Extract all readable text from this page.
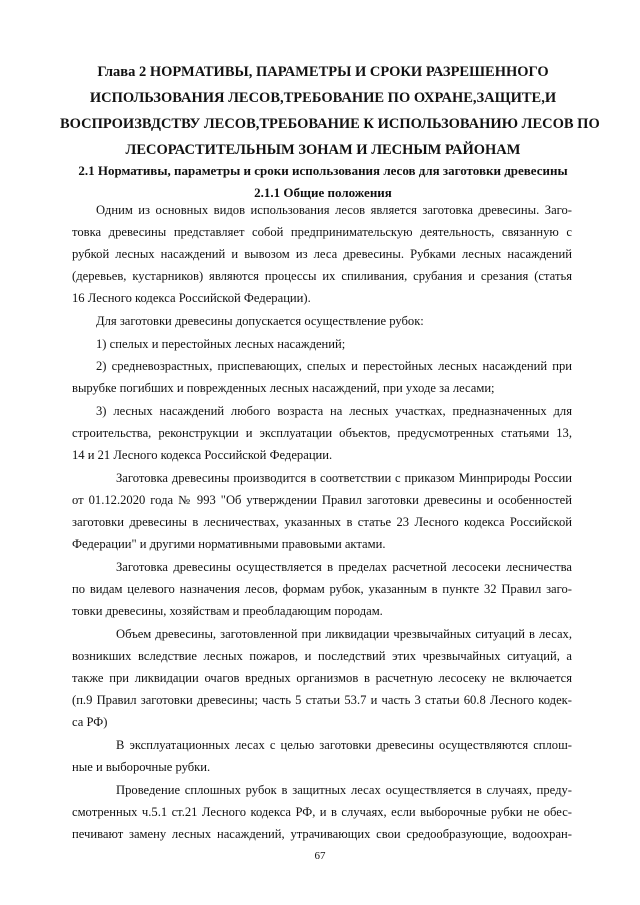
Глава 2 НОРМАТИВЫ, ПАРАМЕТРЫ И СРОКИ РАЗРЕШЕННОГО
ИСПОЛЬЗОВАНИЯ ЛЕСОВ,ТРЕБОВАНИЕ ПО ОХРАНЕ,ЗАЩИТЕ,И
ВОСПРОИЗВДСТВУ ЛЕСОВ,ТРЕБОВАНИЕ К ИСПОЛЬЗОВАНИЮ ЛЕСОВ ПО
ЛЕСОРАСТИТЕЛЬНЫМ ЗОНАМ И ЛЕСНЫМ РАЙОНАМ
2.1 Нормативы, параметры и сроки использования лесов для заготовки древесины
2.1.1 Общие положения
Одним из основных видов использования лесов является заготовка древесины. Заго-
товка древесины представляет собой предпринимательскую деятельность, связанную с
рубкой лесных насаждений и вывозом из леса древесины. Рубками лесных насаждений
(деревьев, кустарников) являются процессы их спиливания, срубания и срезания (статья
16 Лесного кодекса Российской Федерации).
Для заготовки древесины допускается осуществление рубок:
1) спелых и перестойных лесных насаждений;
2) средневозрастных, приспевающих, спелых и перестойных лесных насаждений при
вырубке погибших и поврежденных лесных насаждений, при уходе за лесами;
3) лесных насаждений любого возраста на лесных участках, предназначенных для
строительства, реконструкции и эксплуатации объектов, предусмотренных статьями 13,
14 и 21 Лесного кодекса Российской Федерации.
Заготовка древесины производится в соответствии с приказом Минприроды России
от 01.12.2020 года № 993 "Об утверждении Правил заготовки древесины и особенностей
заготовки древесины в лесничествах, указанных в статье 23 Лесного кодекса Российской
Федерации" и другими нормативными правовыми актами.
Заготовка древесины осуществляется в пределах расчетной лесосеки лесничества
по видам целевого назначения лесов, формам рубок, указанным в пункте 32 Правил заго-
товки древесины, хозяйствам и преобладающим породам.
Объем древесины, заготовленной при ликвидации чрезвычайных ситуаций в лесах,
возникших вследствие лесных пожаров, и последствий этих чрезвычайных ситуаций, а
также при ликвидации очагов вредных организмов в расчетную лесосеку не включается
(п.9 Правил заготовки древесины; часть 5 статьи 53.7 и часть 3 статьи 60.8 Лесного кодек-
са РФ)
В эксплуатационных лесах с целью заготовки древесины осуществляются сплош-
ные и выборочные рубки.
Проведение сплошных рубок в защитных лесах осуществляется в случаях, преду-
смотренных ч.5.1 ст.21 Лесного кодекса РФ, и в случаях, если выборочные рубки не обес-
печивают замену лесных насаждений, утрачивающих свои средообразующие, водоохран-
67
